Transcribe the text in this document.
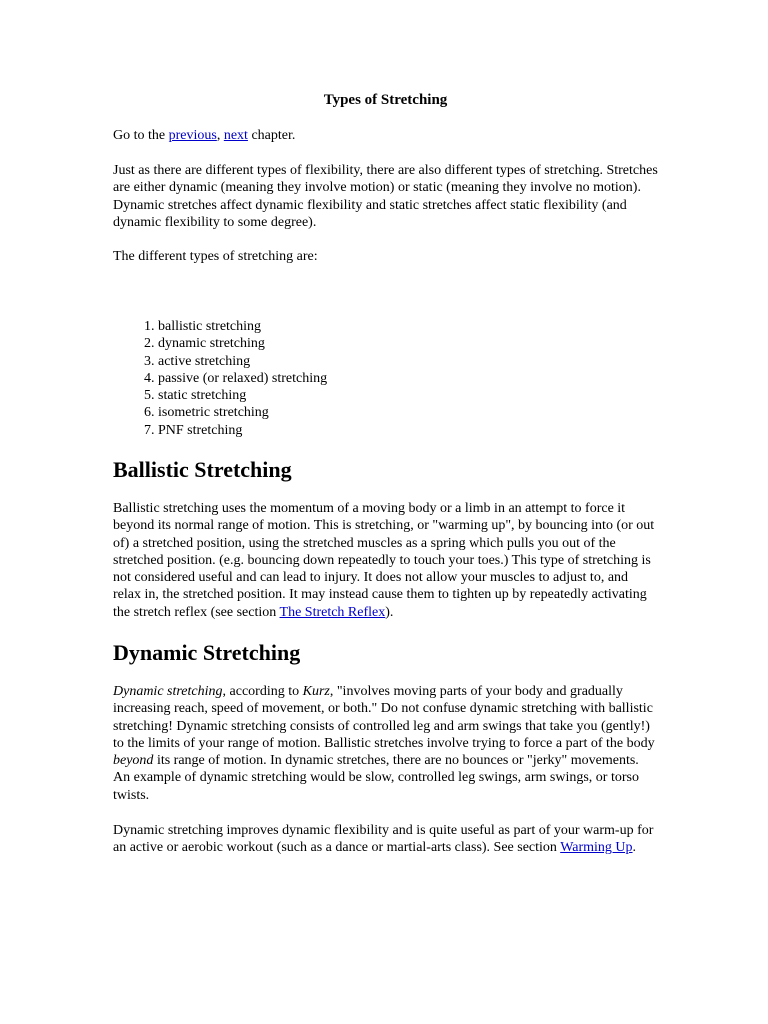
Types of Stretching

Go to the previous, next chapter.

Just as there are different types of flexibility, there are also different types of stretching. Stretches are either dynamic (meaning they involve motion) or static (meaning they involve no motion). Dynamic stretches affect dynamic flexibility and static stretches affect static flexibility (and dynamic flexibility to some degree).

The different types of stretching are:

1. ballistic stretching
2. dynamic stretching
3. active stretching
4. passive (or relaxed) stretching
5. static stretching
6. isometric stretching
7. PNF stretching
Ballistic Stretching

Ballistic stretching uses the momentum of a moving body or a limb in an attempt to force it beyond its normal range of motion. This is stretching, or "warming up", by bouncing into (or out of) a stretched position, using the stretched muscles as a spring which pulls you out of the stretched position. (e.g. bouncing down repeatedly to touch your toes.) This type of stretching is not considered useful and can lead to injury. It does not allow your muscles to adjust to, and relax in, the stretched position. It may instead cause them to tighten up by repeatedly activating the stretch reflex (see section The Stretch Reflex).

Dynamic Stretching

Dynamic stretching, according to Kurz, "involves moving parts of your body and gradually increasing reach, speed of movement, or both." Do not confuse dynamic stretching with ballistic stretching! Dynamic stretching consists of controlled leg and arm swings that take you (gently!) to the limits of your range of motion. Ballistic stretches involve trying to force a part of the body beyond its range of motion. In dynamic stretches, there are no bounces or "jerky" movements. An example of dynamic stretching would be slow, controlled leg swings, arm swings, or torso twists.

Dynamic stretching improves dynamic flexibility and is quite useful as part of your warm-up for an active or aerobic workout (such as a dance or martial-arts class). See section Warming Up.
